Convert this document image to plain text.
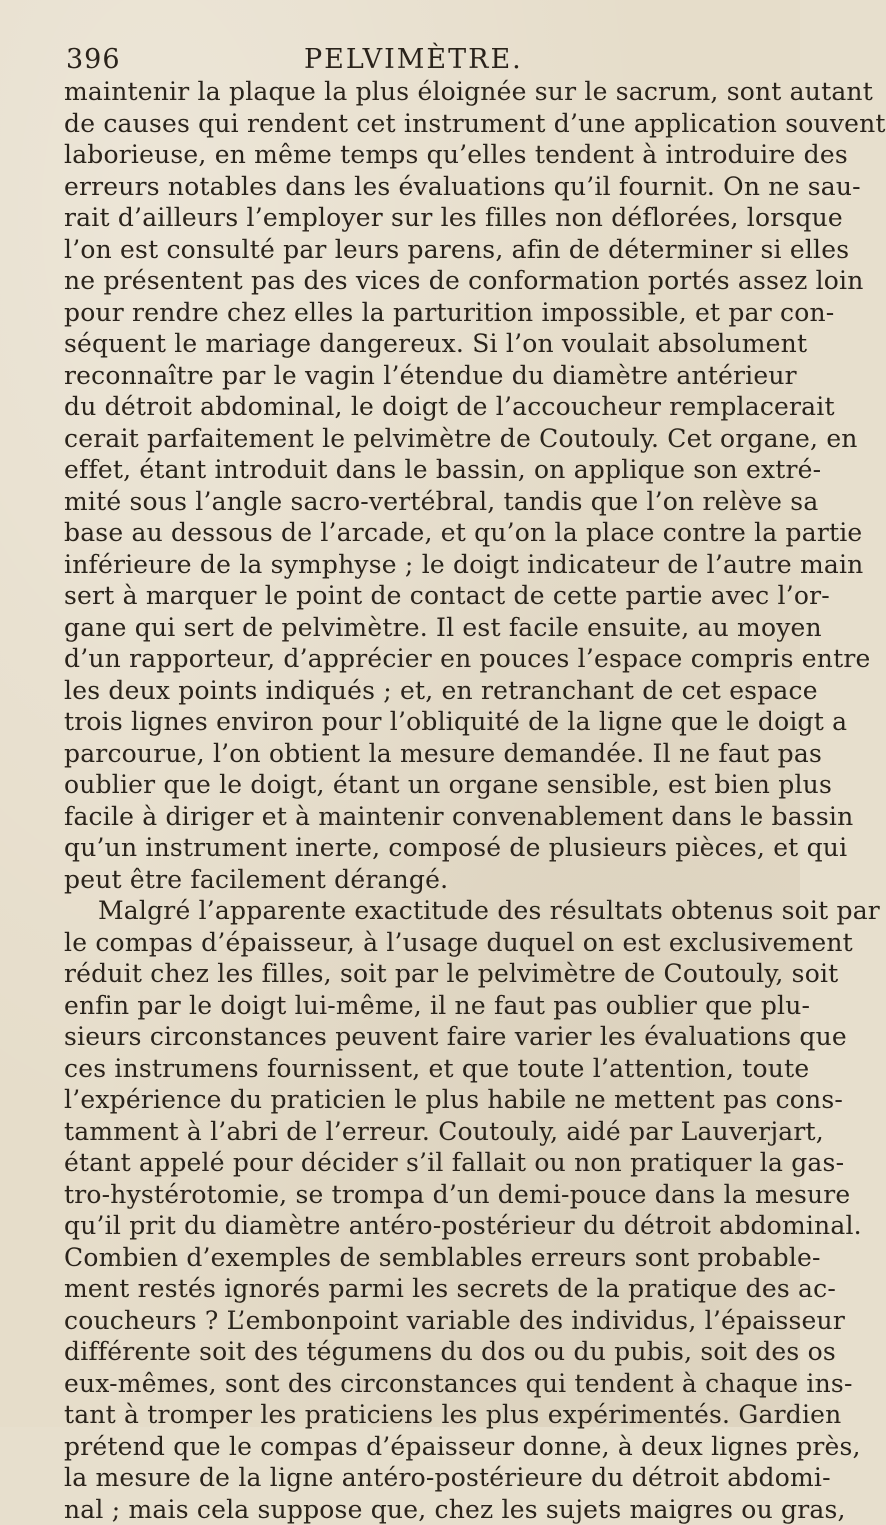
396	PELVIMÈTRE.
maintenir la plaque la plus éloignée sur le sacrum, sont autant
de causes qui rendent cet instrument d’une application souvent
laborieuse, en même temps qu’elles tendent à introduire des
erreurs notables dans les évaluations qu’il fournit. On ne sau-
rait d’ailleurs l’employer sur les filles non déflorées, lorsque
l’on est consulté par leurs parens, afin de déterminer si elles
ne présentent pas des vices de conformation portés assez loin
pour rendre chez elles la parturition impossible, et par con-
séquent le mariage dangereux. Si l’on voulait absolument
reconnaître par le vagin l’étendue du diamètre antérieur
du détroit abdominal, le doigt de l’accoucheur remplacerait
cerait parfaitement le pelvimètre de Coutouly. Cet organe, en
effet, étant introduit dans le bassin, on applique son extré-
mité sous l’angle sacro-vertébral, tandis que l’on relève sa
base au dessous de l’arcade, et qu’on la place contre la partie
inférieure de la symphyse ; le doigt indicateur de l’autre main
sert à marquer le point de contact de cette partie avec l’or-
gane qui sert de pelvimètre. Il est facile ensuite, au moyen
d’un rapporteur, d’apprécier en pouces l’espace compris entre
les deux points indiqués ; et, en retranchant de cet espace
trois lignes environ pour l’obliquité de la ligne que le doigt a
parcourue, l’on obtient la mesure demandée. Il ne faut pas
oublier que le doigt, étant un organe sensible, est bien plus
facile à diriger et à maintenir convenablement dans le bassin
qu’un instrument inerte, composé de plusieurs pièces, et qui
peut être facilement dérangé.
Malgré l’apparente exactitude des résultats obtenus soit par
le compas d’épaisseur, à l’usage duquel on est exclusivement
réduit chez les filles, soit par le pelvimètre de Coutouly, soit
enfin par le doigt lui-même, il ne faut pas oublier que plu-
sieurs circonstances peuvent faire varier les évaluations que
ces instrumens fournissent, et que toute l’attention, toute
l’expérience du praticien le plus habile ne mettent pas cons-
tamment à l’abri de l’erreur. Coutouly, aidé par Lauverjart,
étant appelé pour décider s’il fallait ou non pratiquer la gas-
tro-hystérotomie, se trompa d’un demi-pouce dans la mesure
qu’il prit du diamètre antéro-postérieur du détroit abdominal.
Combien d’exemples de semblables erreurs sont probable-
ment restés ignorés parmi les secrets de la pratique des ac-
coucheurs ? L’embonpoint variable des individus, l’épaisseur
différente soit des tégumens du dos ou du pubis, soit des os
eux-mêmes, sont des circonstances qui tendent à chaque ins-
tant à tromper les praticiens les plus expérimentés. Gardien
prétend que le compas d’épaisseur donne, à deux lignes près,
la mesure de la ligne antéro-postérieure du détroit abdomi-
nal ; mais cela suppose que, chez les sujets maigres ou gras,
